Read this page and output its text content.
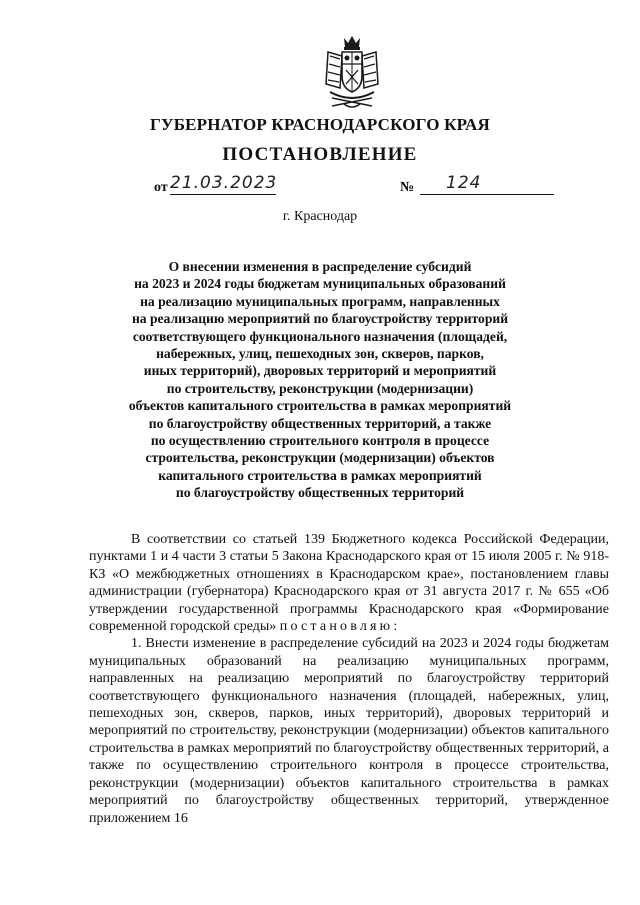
ГУБЕРНАТОР КРАСНОДАРСКОГО КРАЯ
ПОСТАНОВЛЕНИЕ
от 21.03.2023	№	124
г. Краснодар
О внесении изменения в распределение субсидий
на 2023 и 2024 годы бюджетам муниципальных образований
на реализацию муниципальных программ, направленных
на реализацию мероприятий по благоустройству территорий
соответствующего функционального назначения (площадей,
набережных, улиц, пешеходных зон, скверов, парков,
иных территорий), дворовых территорий и мероприятий
по строительству, реконструкции (модернизации)
объектов капитального строительства в рамках мероприятий
по благоустройству общественных территорий, а также
по осуществлению строительного контроля в процессе
строительства, реконструкции (модернизации) объектов
капитального строительства в рамках мероприятий
по благоустройству общественных территорий

В соответствии со статьей 139 Бюджетного кодекса Российской Федерации, пунктами 1 и 4 части 3 статьи 5 Закона Краснодарского края от 15 июля 2005 г. № 918-КЗ «О межбюджетных отношениях в Краснодарском крае», постановлением главы администрации (губернатора) Краснодарского края от 31 августа 2017 г. № 655 «Об утверждении государственной программы Краснодарского края «Формирование современной городской среды» постановляю:

1. Внести изменение в распределение субсидий на 2023 и 2024 годы бюджетам муниципальных образований на реализацию муниципальных программ, направленных на реализацию мероприятий по благоустройству территорий соответствующего функционального назначения (площадей, набережных, улиц, пешеходных зон, скверов, парков, иных территорий), дворовых территорий и мероприятий по строительству, реконструкции (модернизации) объектов капитального строительства в рамках мероприятий по благоустройству общественных территорий, а также по осуществлению строительного контроля в процессе строительства, реконструкции (модернизации) объектов капитального строительства в рамках мероприятий по благоустройству общественных территорий, утвержденное приложением 16
